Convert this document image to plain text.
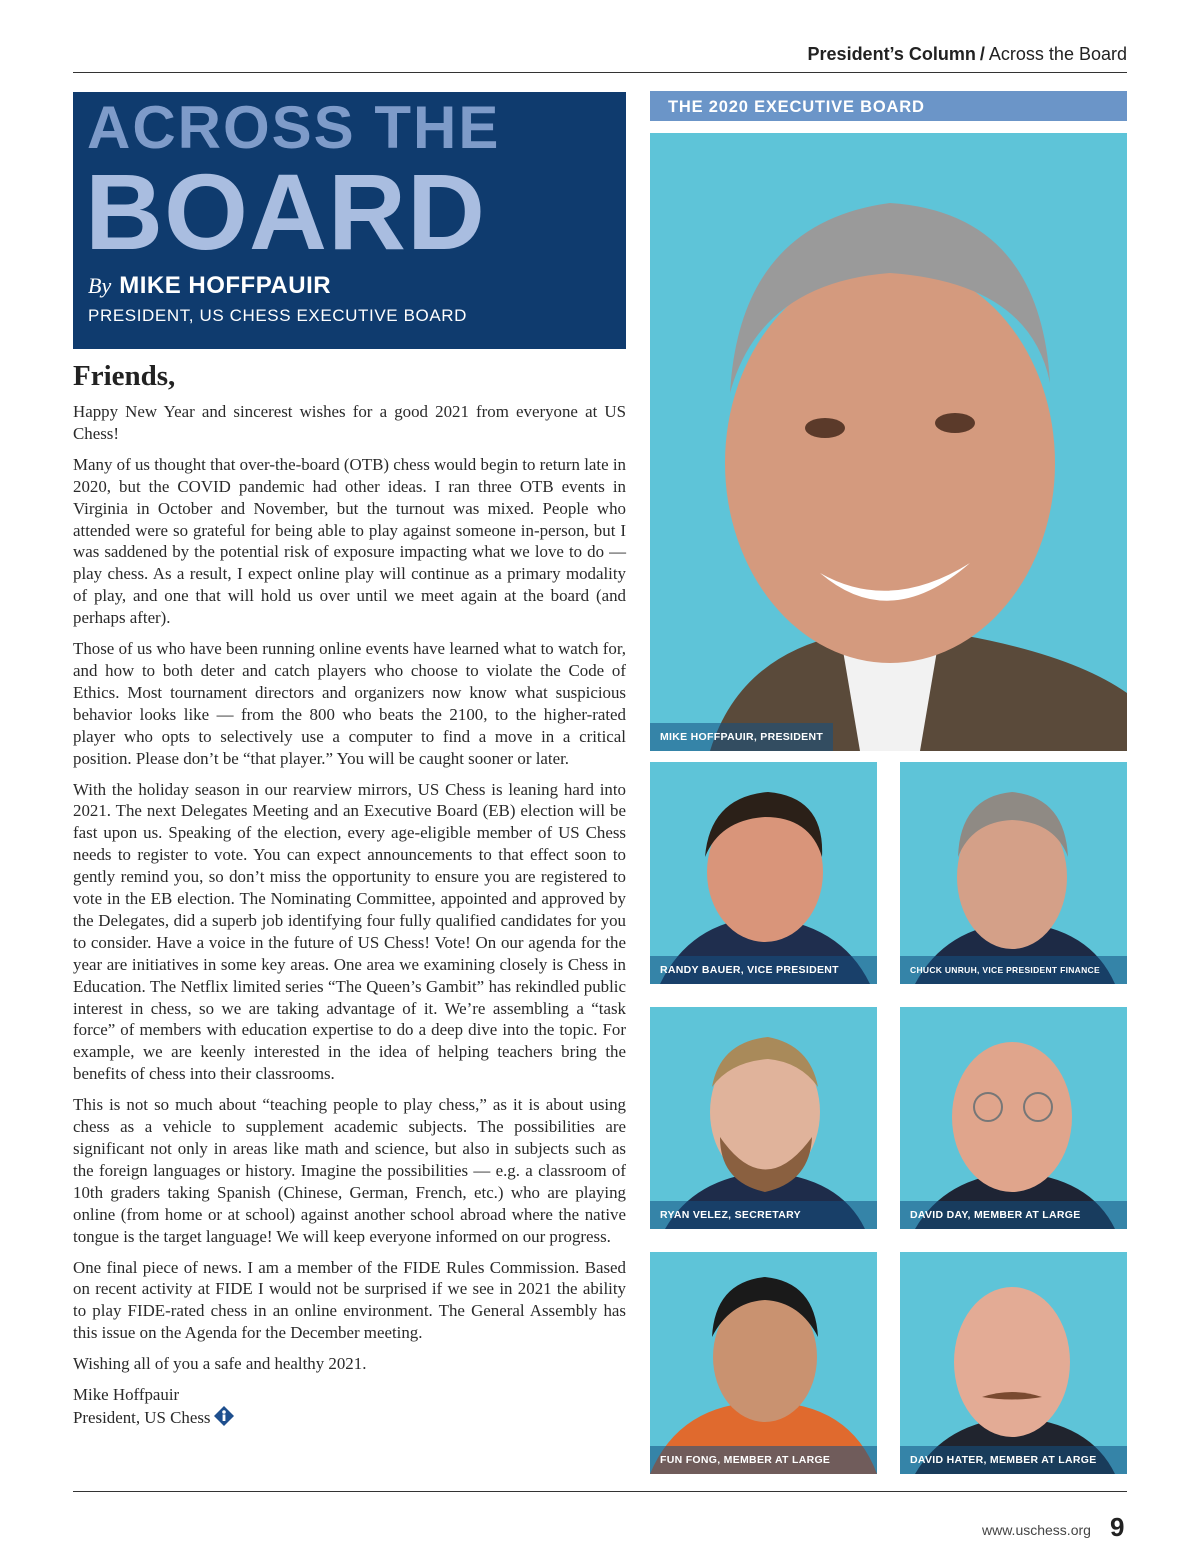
President’s Column / Across the Board
ACROSS THE
BOARD
By MIKE HOFFPAUIR
PRESIDENT, US CHESS EXECUTIVE BOARD
Friends,

Happy New Year and sincerest wishes for a good 2021 from everyone at US Chess!

Many of us thought that over-the-board (OTB) chess would begin to return late in 2020, but the COVID pandemic had other ideas. I ran three OTB events in Virginia in October and November, but the turnout was mixed. People who attended were so grateful for being able to play against someone in-person, but I was saddened by the potential risk of exposure impacting what we love to do — play chess. As a result, I expect online play will continue as a primary modality of play, and one that will hold us over until we meet again at the board (and perhaps after).

Those of us who have been running online events have learned what to watch for, and how to both deter and catch players who choose to violate the Code of Ethics. Most tournament directors and organizers now know what suspicious behavior looks like — from the 800 who beats the 2100, to the higher-rated player who opts to selectively use a computer to find a move in a critical position. Please don’t be “that player.” You will be caught sooner or later.

With the holiday season in our rearview mirrors, US Chess is leaning hard into 2021. The next Delegates Meeting and an Executive Board (EB) election will be fast upon us. Speaking of the election, every age-eligible member of US Chess needs to register to vote. You can expect announcements to that effect soon to gently remind you, so don’t miss the opportunity to ensure you are registered to vote in the EB election. The Nominating Committee, appointed and approved by the Delegates, did a superb job identifying four fully qualified candidates for you to consider. Have a voice in the future of US Chess! Vote! On our agenda for the year are initiatives in some key areas. One area we examining closely is Chess in Education. The Netflix limited series “The Queen’s Gambit” has rekindled public interest in chess, so we are taking advantage of it. We’re assembling a “task force” of members with education expertise to do a deep dive into the topic. For example, we are keenly interested in the idea of helping teachers bring the benefits of chess into their classrooms.

This is not so much about “teaching people to play chess,” as it is about using chess as a vehicle to supplement academic subjects. The possibilities are significant not only in areas like math and science, but also in subjects such as the foreign languages or history. Imagine the possibilities — e.g. a classroom of 10th graders taking Spanish (Chinese, German, French, etc.) who are playing online (from home or at school) against another school abroad where the native tongue is the target language! We will keep everyone informed on our progress.

One final piece of news. I am a member of the FIDE Rules Commission. Based on recent activity at FIDE I would not be surprised if we see in 2021 the ability to play FIDE-rated chess in an online environment. The General Assembly has this issue on the Agenda for the December meeting.

Wishing all of you a safe and healthy 2021.

Mike Hoffpauir
President, US Chess
THE 2020 EXECUTIVE BOARD
MIKE HOFFPAUIR, PRESIDENT
RANDY BAUER, VICE PRESIDENT	CHUCK UNRUH, VICE PRESIDENT FINANCE
RYAN VELEZ, SECRETARY	DAVID DAY, MEMBER AT LARGE
FUN FONG, MEMBER AT LARGE	DAVID HATER, MEMBER AT LARGE
www.uschess.org 9
